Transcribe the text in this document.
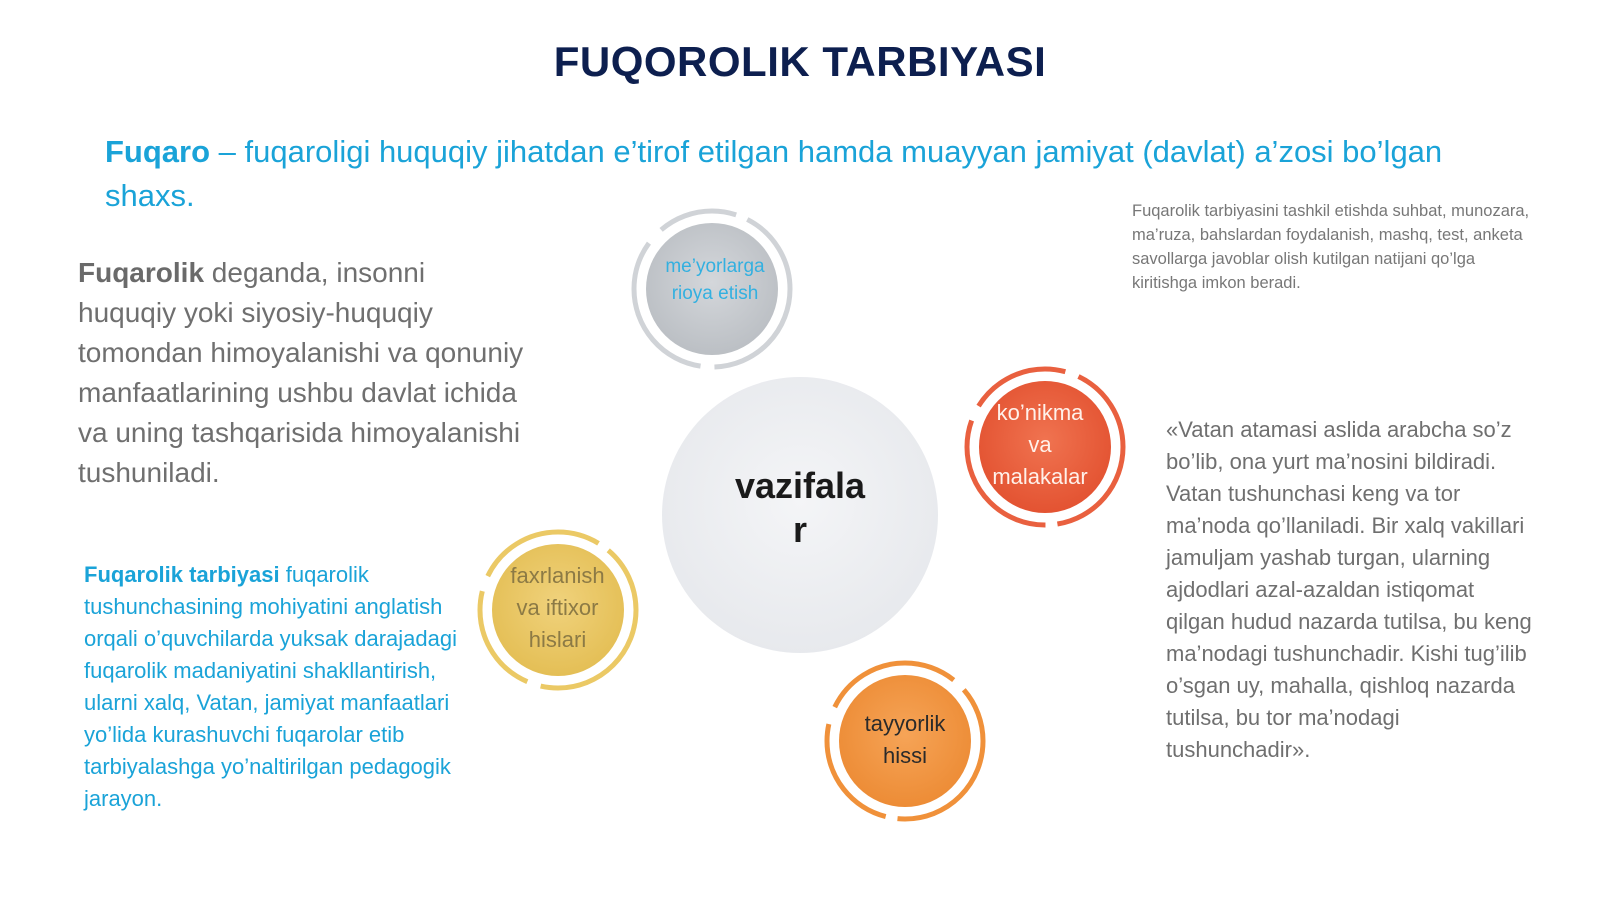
FUQOROLIK TARBIYASI
Fuqaro – fuqaroligi huquqiy jihatdan e’tirof etilgan hamda muayyan jamiyat (davlat) a’zosi bo’lgan shaxs.
Fuqarolik deganda, insonni huquqiy yoki siyosiy-huquqiy tomondan himoyalanishi va qonuniy manfaatlarining ushbu davlat ichida va uning tashqarisida himoyalanishi tushuniladi.
Fuqarolik tarbiyasi fuqarolik tushunchasining mohiyatini anglatish orqali o’quvchilarda yuksak darajadagi fuqarolik madaniyatini shakllantirish, ularni xalq, Vatan, jamiyat manfaatlari yo’lida kurashuvchi fuqarolar etib tarbiyalashga yo’naltirilgan pedagogik jarayon.
Fuqarolik tarbiyasini tashkil etishda suhbat, munozara, ma’ruza, bahslardan foydalanish, mashq, test, anketa savollarga javoblar olish kutilgan natijani qo’lga kiritishga imkon beradi.
«Vatan atamasi aslida arabcha so’z bo’lib, ona yurt ma’nosini bildiradi. Vatan tushunchasi keng va tor ma’noda qo’llaniladi. Bir xalq vakillari jamuljam yashab turgan, ularning ajdodlari azal-azaldan istiqomat qilgan hudud nazarda tutilsa, bu keng ma’nodagi tushunchadir. Kishi tug’ilib o’sgan uy, mahalla, qishloq nazarda tutilsa, bu tor ma’nodagi tushunchadir».
vazifala
r
me’yorlarga
rioya etish
ko’nikma
va
malakalar
faxrlanish
va iftixor
hislari
tayyorlik
hissi
